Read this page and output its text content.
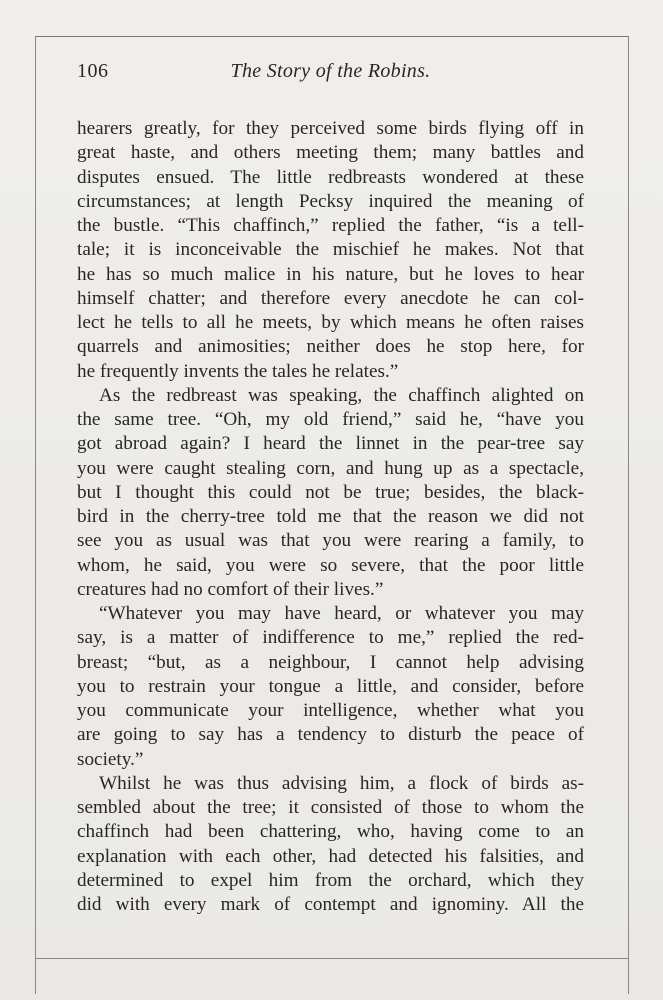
106	The Story of the Robins.
hearers greatly, for they perceived some birds flying off in
great haste, and others meeting them; many battles and
disputes ensued. The little redbreasts wondered at these
circumstances; at length Pecksy inquired the meaning of
the bustle. “This chaffinch,” replied the father, “is a tell-
tale; it is inconceivable the mischief he makes. Not that
he has so much malice in his nature, but he loves to hear
himself chatter; and therefore every anecdote he can col-
lect he tells to all he meets, by which means he often raises
quarrels and animosities; neither does he stop here, for
he frequently invents the tales he relates.”
As the redbreast was speaking, the chaffinch alighted on
the same tree. “Oh, my old friend,” said he, “have you
got abroad again? I heard the linnet in the pear-tree say
you were caught stealing corn, and hung up as a spectacle,
but I thought this could not be true; besides, the black-
bird in the cherry-tree told me that the reason we did not
see you as usual was that you were rearing a family, to
whom, he said, you were so severe, that the poor little
creatures had no comfort of their lives.”
“Whatever you may have heard, or whatever you may
say, is a matter of indifference to me,” replied the red-
breast; “but, as a neighbour, I cannot help advising
you to restrain your tongue a little, and consider, before
you communicate your intelligence, whether what you
are going to say has a tendency to disturb the peace of
society.”
Whilst he was thus advising him, a flock of birds as-
sembled about the tree; it consisted of those to whom the
chaffinch had been chattering, who, having come to an
explanation with each other, had detected his falsities, and
determined to expel him from the orchard, which they
did with every mark of contempt and ignominy. All the
